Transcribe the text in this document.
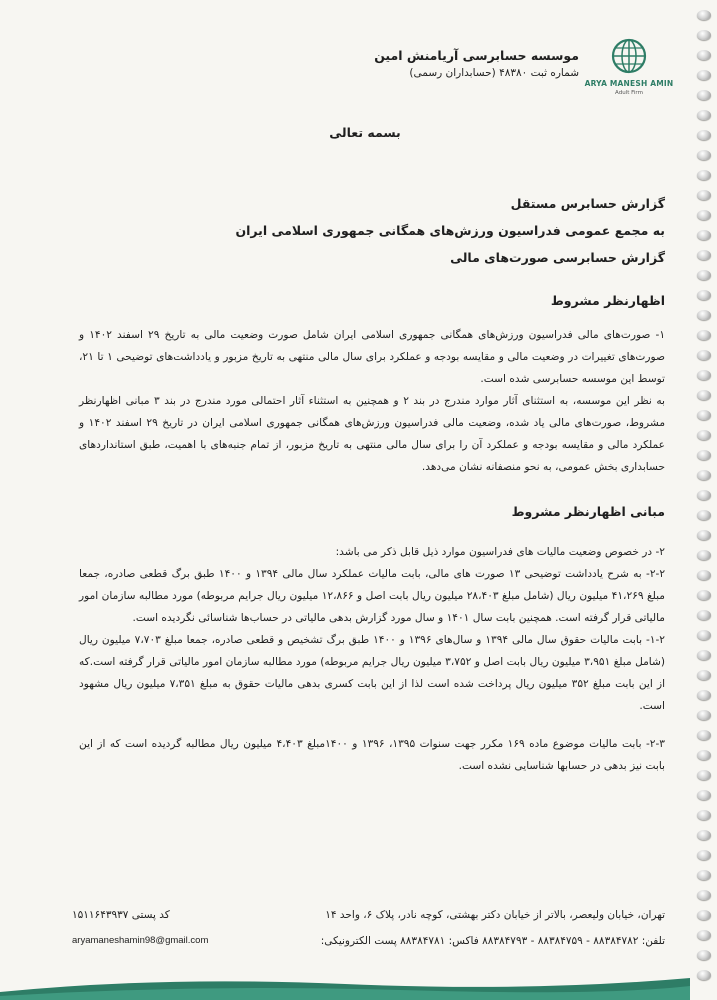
ARYA MANESH AMIN
Adult Firm
موسسه حسابرسی آریامنش امین
شماره ثبت ۴۸۳۸۰ (حسابداران رسمی)
بسمه تعالی
گزارش حسابرس مستقل
به مجمع عمومی فدراسیون ورزش‌های همگانی جمهوری اسلامی ایران
گزارش حسابرسی صورت‌های مالی
اظهارنظر مشروط
۱- صورت‌های مالی فدراسیون ورزش‌های همگانی جمهوری اسلامی ایران شامل صورت وضعیت مالی به تاریخ ۲۹ اسفند ۱۴۰۲ و صورت‌های تغییرات در وضعیت مالی و مقایسه بودجه و عملکرد برای سال مالی منتهی به تاریخ مزبور و یادداشت‌های توضیحی ۱ تا ۲۱، توسط این موسسه حسابرسی شده است.
به نظر این موسسه، به استثنای آثار موارد مندرج در بند ۲ و همچنین به استثناء آثار احتمالی مورد مندرج در بند ۳ مبانی اظهارنظر مشروط، صورت‌های مالی یاد شده، وضعیت مالی فدراسیون ورزش‌های همگانی جمهوری اسلامی ایران در تاریخ ۲۹ اسفند ۱۴۰۲ و عملکرد مالی و مقایسه بودجه و عملکرد آن را برای سال مالی منتهی به تاریخ مزبور، از تمام جنبه‌های با اهمیت، طبق استانداردهای حسابداری بخش عمومی، به نحو منصفانه نشان می‌دهد.
مبانی اظهارنظر مشروط
۲- در خصوص وضعیت مالیات های فدراسیون موارد ذیل قابل ذکر می باشد:
۲-۲- به شرح یادداشت توضیحی ۱۳ صورت های مالی، بابت مالیات عملکرد سال مالی ۱۳۹۴ و ۱۴۰۰ طبق برگ قطعی صادره، جمعا مبلغ ۴۱،۲۶۹ میلیون ریال (شامل مبلغ ۲۸،۴۰۳ میلیون ریال بابت اصل و ۱۲،۸۶۶ میلیون ریال جرایم مربوطه) مورد مطالبه سازمان امور مالیاتی قرار گرفته است. همچنین بابت سال ۱۴۰۱ و سال مورد گزارش بدهی مالیاتی در حساب‌ها شناسائی نگردیده است.
۱-۲- بابت مالیات حقوق سال مالی ۱۳۹۴ و سال‌های ۱۳۹۶ و ۱۴۰۰ طبق برگ تشخیص و قطعی صادره، جمعا مبلغ ۷،۷۰۳ میلیون ریال (شامل مبلغ ۳،۹۵۱ میلیون ریال بابت اصل و ۳،۷۵۲ میلیون ریال جرایم مربوطه) مورد مطالبه سازمان امور مالیاتی قرار گرفته است.که از این بابت مبلغ ۳۵۲ میلیون ریال پرداخت شده است لذا از این بابت کسری بدهی مالیات حقوق به مبلغ ۷،۳۵۱ میلیون ریال مشهود است.
۲-۳- بابت مالیات موضوع ماده ۱۶۹ مکرر جهت سنوات ۱۳۹۵، ۱۳۹۶ و ۱۴۰۰مبلغ ۴،۴۰۳ میلیون ریال مطالبه گردیده است که از این بابت نیز بدهی در حسابها شناسایی نشده است.
تهران، خیابان ولیعصر، بالاتر از خیابان دکتر بهشتی، کوچه نادر، پلاک ۶، واحد ۱۴
کد پستی ۱۵۱۱۶۴۳۹۳۷
تلفن: ۸۸۳۸۴۷۸۲ - ۸۸۳۸۴۷۵۹ - ۸۸۳۸۴۷۹۳ فاکس: ۸۸۳۸۴۷۸۱ پست الکترونیکی:
aryamaneshamin98@gmail.com
